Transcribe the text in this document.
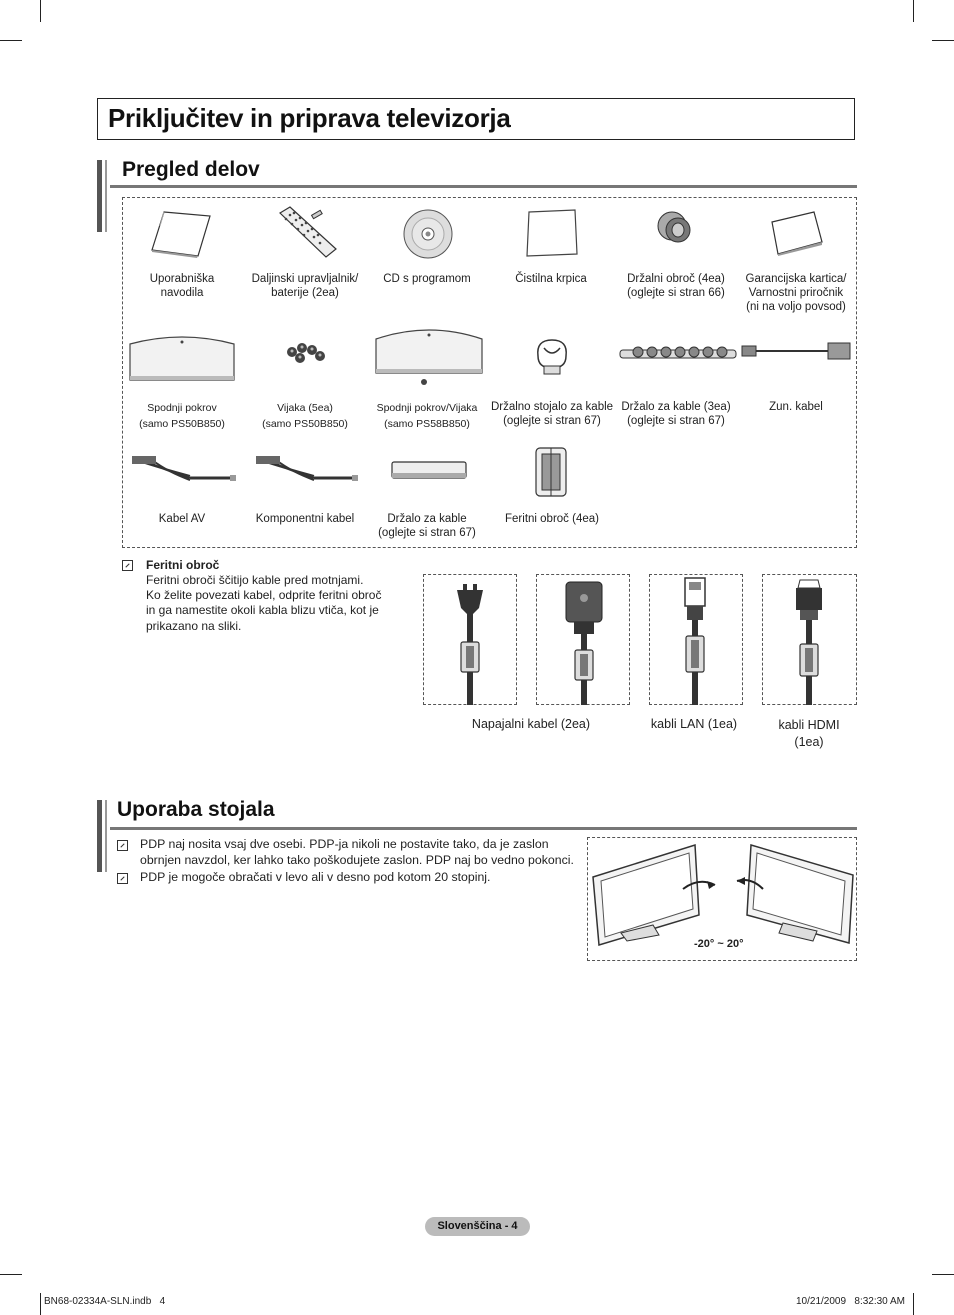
Priključitev in priprava televizorja
Pregled delov
Uporabniška
navodila
Daljinski upravljalnik/
baterije (2ea)
CD s programom	Čistilna krpica	Držalni obroč (4ea)
(oglejte si stran 66)
Garancijska kartica/
Varnostni priročnik
(ni na voljo povsod)
Spodnji pokrov
(samo PS50B850)
Vijaka (5ea)
(samo PS50B850)
Spodnji pokrov/Vijaka
(samo PS58B850)
Držalno stojalo za kable
(oglejte si stran 67)
Držalo za kable (3ea)
(oglejte si stran 67)
Zun. kabel
Kabel AV	Komponentni kabel	Držalo za kable
(oglejte si stran 67)
Feritni obroč (4ea)
Feritni obroč
Feritni obroči ščitijo kable pred motnjami.
Ko želite povezati kabel, odprite feritni obroč
in ga namestite okoli kabla blizu vtiča, kot je
prikazano na sliki.
Napajalni kabel (2ea)	kabli LAN (1ea)	kabli HDMI
(1ea)
Uporaba stojala
PDP naj nosita vsaj dve osebi. PDP-ja nikoli ne postavite tako, da je zaslon
obrnjen navzdol, ker lahko tako poškodujete zaslon. PDP naj bo vedno pokonci.
PDP je mogoče obračati v levo ali v desno pod kotom 20 stopinj.
-20° ~ 20°
Slovenščina - 4
BN68-02334A-SLN.indb   4	10/21/2009   8:32:30 AM
